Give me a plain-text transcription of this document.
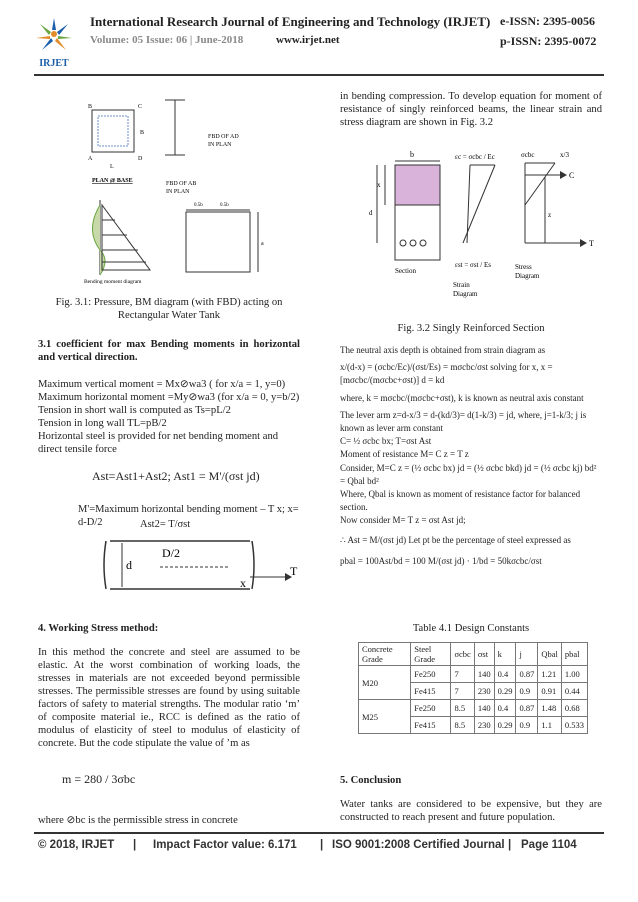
IRJET
International Research Journal of Engineering and Technology (IRJET) e-ISSN: 2395-0056
Volume: 05 Issue: 06 | June-2018	www.irjet.net	p-ISSN: 2395-0072
B	C
A	D
B
L
PLAN @ BASE
FBD OF AD
IN PLAN
FBD OF AB
IN PLAN
0.5b	0.5b
a
Bending moment diagram
Fig. 3.1: Pressure, BM diagram (with FBD) acting on Rectangular Water Tank
3.1 coefficient for max Bending moments in horizontal and vertical direction.
Maximum vertical moment = Mx⊘wa3 ( for x/a = 1, y=0)
Maximum horizontal moment =My⊘wa3 (for x/a = 0, y=b/2)
Tension in short wall is computed as Ts=pL/2
Tension in long wall TL=pB/2
Horizontal steel is provided for net bending moment and direct tensile force
Ast=Ast1+Ast2; Ast1 = M'/(σst jd)
M'=Maximum horizontal bending moment – T x; x= d-D/2	Ast2= T/σst
d
D/2
x
T
4. Working Stress method:
In this method the concrete and steel are assumed to be elastic. At the worst combination of working loads, the stresses in materials are not exceeded beyond permissible stresses. The permissible stresses are found by using suitable factors of safety to material strengths. The modular ratio ‘m’ of composite material ie., RCC is defined as the ratio of modulus of elasticity of steel to modulus of elasticity of concrete. But the code stipulate the value of ’m as
m = 280 / 3σbc
where ⊘bc is the permissible stress in concrete
in bending compression. To develop equation for moment of resistance of singly reinforced beams, the linear strain and stress diagram are shown in Fig. 3.2
b
x
d
Section
εc = σcbc / Ec
εst = σst / Es
Strain
Diagram
σcbc	x/3
C
z
T
Stress
Diagram
Fig. 3.2 Singly Reinforced Section
The neutral axis depth is obtained from strain diagram as
x/(d-x) = (σcbc/Ec)/(σst/Es) = mσcbc/σst solving for x, x = [mσcbc/(mσcbc+σst)] d = kd
where, k = mσcbc/(mσcbc+σst), k is known as neutral axis constant
The lever arm z=d-x/3 = d-(kd/3)= d(1-k/3) = jd, where, j=1-k/3; j is known as lever arm constant
C= ½ σcbc bx; T=σst Ast
Moment of resistance M= C z = T z
Consider, M=C z = (½ σcbc bx) jd = (½ σcbc bkd) jd = (½ σcbc kj) bd² = Qbal bd²
Where, Qbal is known as moment of resistance factor for balanced section.
Now consider M= T z = σst Ast jd;
∴ Ast = M/(σst jd) Let pt be the percentage of steel expressed as
pbal = 100Ast/bd = 100 M/(σst jd) · 1/bd = 50kσcbc/σst
Table 4.1 Design Constants
Concrete Grade	Steel Grade	σcbc	σst	k	j	Qbal	pbal
M20	Fe250	7	140	0.4	0.87	1.21	1.00
	Fe415	7	230	0.29	0.9	0.91	0.44
M25	Fe250	8.5	140	0.4	0.87	1.48	0.68
	Fe415	8.5	230	0.29	0.9	1.1	0.533
5. Conclusion
Water tanks are considered to be expensive, but they are constructed to reach present and future population.
© 2018, IRJET | Impact Factor value: 6.171 | ISO 9001:2008 Certified Journal | Page 1104
